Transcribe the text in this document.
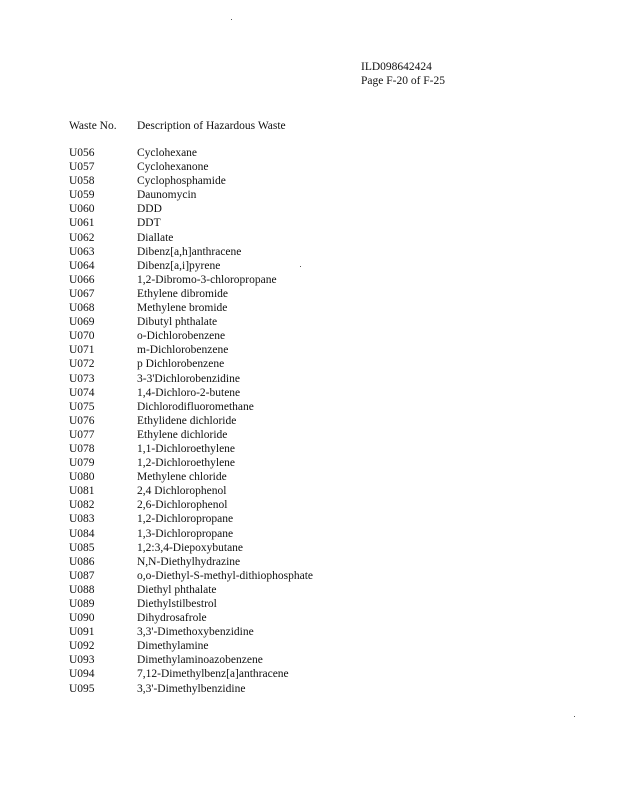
ILD098642424
Page F-20 of F-25
Waste No. Description of Hazardous Waste
U056	Cyclohexane
U057	Cyclohexanone
U058	Cyclophosphamide
U059	Daunomycin
U060	DDD
U061	DDT
U062	Diallate
U063	Dibenz[a,h]anthracene
U064	Dibenz[a,i]pyrene
U066	1,2-Dibromo-3-chloropropane
U067	Ethylene dibromide
U068	Methylene bromide
U069	Dibutyl phthalate
U070	o-Dichlorobenzene
U071	m-Dichlorobenzene
U072	p Dichlorobenzene
U073	3-3'Dichlorobenzidine
U074	1,4-Dichloro-2-butene
U075	Dichlorodifluoromethane
U076	Ethylidene dichloride
U077	Ethylene dichloride
U078	1,1-Dichloroethylene
U079	1,2-Dichloroethylene
U080	Methylene chloride
U081	2,4 Dichlorophenol
U082	2,6-Dichlorophenol
U083	1,2-Dichloropropane
U084	1,3-Dichloropropane
U085	1,2:3,4-Diepoxybutane
U086	N,N-Diethylhydrazine
U087	o,o-Diethyl-S-methyl-dithiophosphate
U088	Diethyl phthalate
U089	Diethylstilbestrol
U090	Dihydrosafrole
U091	3,3'-Dimethoxybenzidine
U092	Dimethylamine
U093	Dimethylaminoazobenzene
U094	7,12-Dimethylbenz[a]anthracene
U095	3,3'-Dimethylbenzidine
